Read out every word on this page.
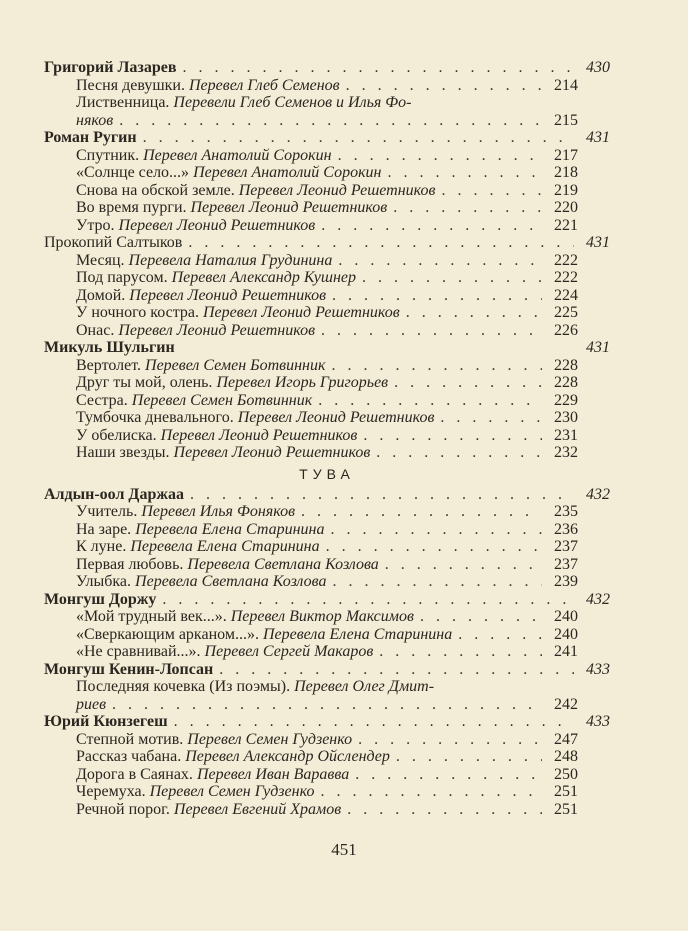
Григорий Лазарев . . .	430
Песня девушки.
Перевел Глеб Семенов . . .	214
Лиственница.
Перевели Глеб Семенов и Илья Фо-
няков . . .	215
Роман Ругин . . .	431
Спутник.
Перевел Анатолий Сорокин . . .	217
«Солнце село...»
Перевел Анатолий Сорокин . . .	218
Снова на обской земле.
Перевел Леонид Решетников . . .	219
Во время пурги.
Перевел Леонид Решетников . . .	220
Утро.
Перевел Леонид Решетников . . .	221
Прокопий Салтыков . . .	431
Месяц.
Перевела Наталия Грудинина . . .	222
Под парусом.
Перевел Александр Кушнер . . .	222
Домой.
Перевел Леонид Решетников . . .	224
У ночного костра.
Перевел Леонид Решетников . . .	225
Онас.
Перевел Леонид Решетников . . .	226
Микуль Шульгин	431
Вертолет.
Перевел Семен Ботвинник . . .	228
Друг ты мой, олень.
Перевел Игорь Григорьев . . .	228
Сестра.
Перевел Семен Ботвинник . . .	229
Тумбочка дневального.
Перевел Леонид Решетников . . .	230
У обелиска.
Перевел Леонид Решетников . . .	231
Наши звезды.
Перевел Леонид Решетников . . .	232
ТУВА
Алдын-оол Даржаа . . .	432
Учитель.
Перевел Илья Фоняков . . .	235
На заре.
Перевела Елена Старинина . . .	236
К луне.
Перевела Елена Старинина . . .	237
Первая любовь.
Перевела Светлана Козлова . . .	237
Улыбка.
Перевела Светлана Козлова . . .	239
Монгуш Доржу . . .	432
«Мой трудный век...».
Перевел Виктор Максимов . . .	240
«Сверкающим арканом...».
Перевела Елена Старинина . . .	240
«Не сравнивай...».
Перевел Сергей Макаров . . .	241
Монгуш Кенин-Лопсан . . .	433
Последняя кочевка (Из поэмы).
Перевел Олег Дмит-
риев . . .	242
Юрий Кюнзегеш . . .	433
Степной мотив.
Перевел Семен Гудзенко . . .	247
Рассказ чабана.
Перевел Александр Ойслендер . . .	248
Дорога в Саянах.
Перевел Иван Варавва . . .	250
Черемуха.
Перевел Семен Гудзенко . . .	251
Речной порог.
Перевел Евгений Храмов . . .	251
451
